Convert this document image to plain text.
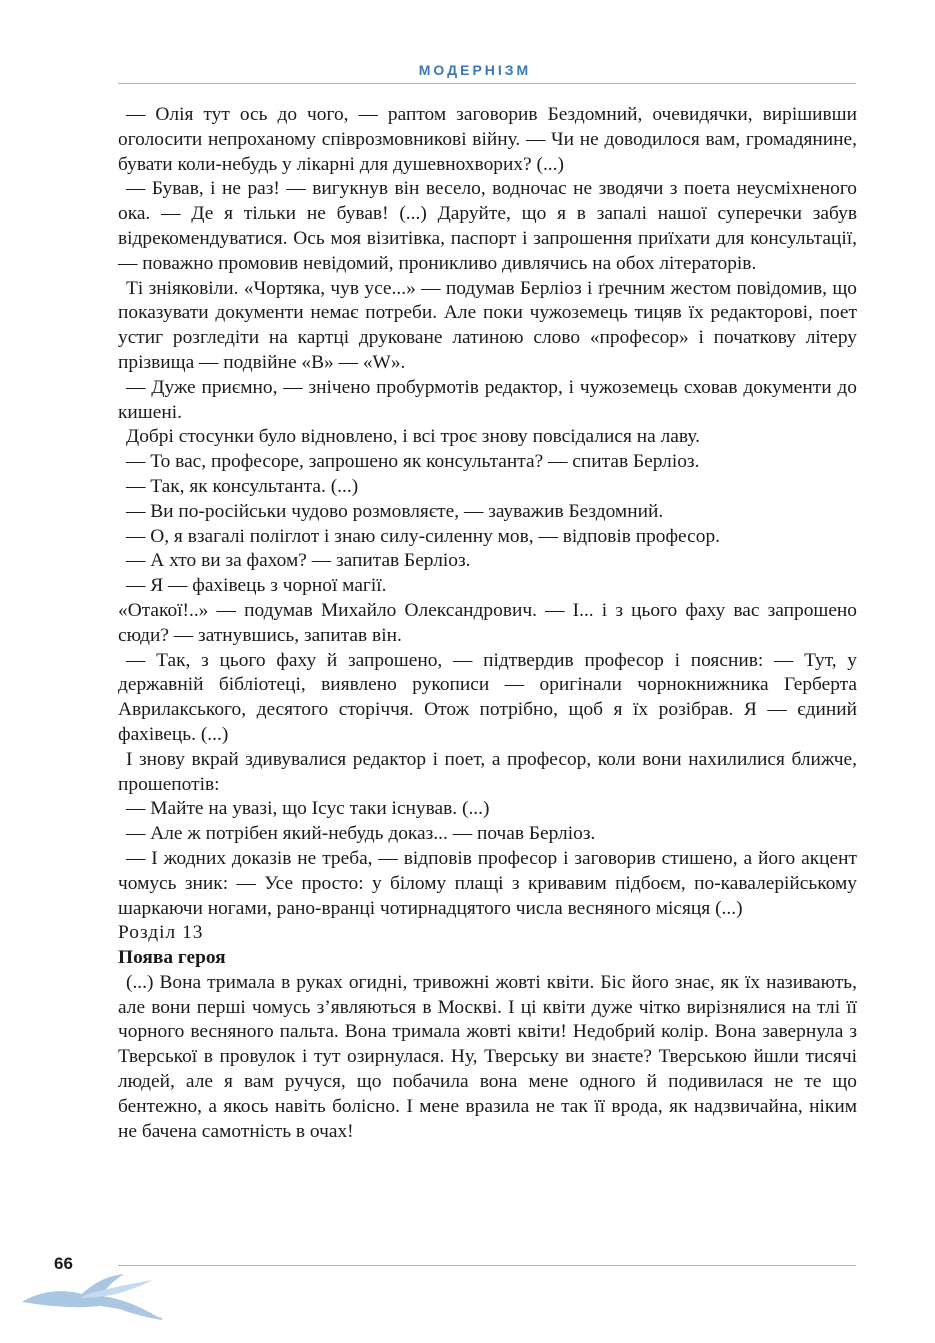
МОДЕРНІЗМ

— Олія тут ось до чого, — раптом заговорив Бездомний, очевидячки, вирішивши оголосити непроханому співрозмовникові війну. — Чи не доводилося вам, громадянине, бувати коли-небудь у лікарні для душевнохворих? (...)

— Бував, і не раз! — вигукнув він весело, водночас не зводячи з поета неусміхненого ока. — Де я тільки не бував! (...) Даруйте, що я в запалі нашої суперечки забув відрекомендуватися. Ось моя візитівка, паспорт і запрошення приїхати для консультації, — поважно промовив невідомий, проникливо дивлячись на обох літераторів.

Ті зніяковіли. «Чортяка, чув усе...» — подумав Берліоз і ґречним жестом повідомив, що показувати документи немає потреби. Але поки чужоземець тицяв їх редакторові, поет устиг розгледіти на картці друковане латиною слово «професор» і початкову літеру прізвища — подвійне «В» — «W».

— Дуже приємно, — знічено пробурмотів редактор, і чужоземець сховав документи до кишені.

Добрі стосунки було відновлено, і всі троє знову повсідалися на лаву.

— То вас, професоре, запрошено як консультанта? — спитав Берліоз.

— Так, як консультанта. (...)

— Ви по-російськи чудово розмовляєте, — зауважив Бездомний.

— О, я взагалі поліглот і знаю силу-силенну мов, — відповів професор.

— А хто ви за фахом? — запитав Берліоз.

— Я — фахівець з чорної магії.

«Отакої!..» — подумав Михайло Олександрович. — І... і з цього фаху вас запрошено сюди? — затнувшись, запитав він.

— Так, з цього фаху й запрошено, — підтвердив професор і пояснив: — Тут, у державній бібліотеці, виявлено рукописи — оригінали чорнокнижника Герберта Аврилакського, десятого сторіччя. Отож потрібно, щоб я їх розібрав. Я — єдиний фахівець. (...)

І знову вкрай здивувалися редактор і поет, а професор, коли вони нахилилися ближче, прошепотів:

— Майте на увазі, що Ісус таки існував. (...)

— Але ж потрібен який-небудь доказ... — почав Берліоз.

— І жодних доказів не треба, — відповів професор і заговорив стишено, а його акцент чомусь зник: — Усе просто: у білому плащі з кривавим підбоєм, по-кавалерійському шаркаючи ногами, рано-вранці чотирнадцятого числа весняного місяця (...)

Розділ 13

Поява героя

(...) Вона тримала в руках огидні, тривожні жовті квіти. Біс його знає, як їх називають, але вони перші чомусь з’являються в Москві. І ці квіти дуже чітко вирізнялися на тлі її чорного весняного пальта. Вона тримала жовті квіти! Недобрий колір. Вона завернула з Тверської в провулок і тут озирнулася. Ну, Тверську ви знаєте? Тверською йшли тисячі людей, але я вам ручуся, що побачила вона мене одного й подивилася не те що бентежно, а якось навіть болісно. І мене вразила не так її врода, як надзвичайна, ніким не бачена самотність в очах!

66
